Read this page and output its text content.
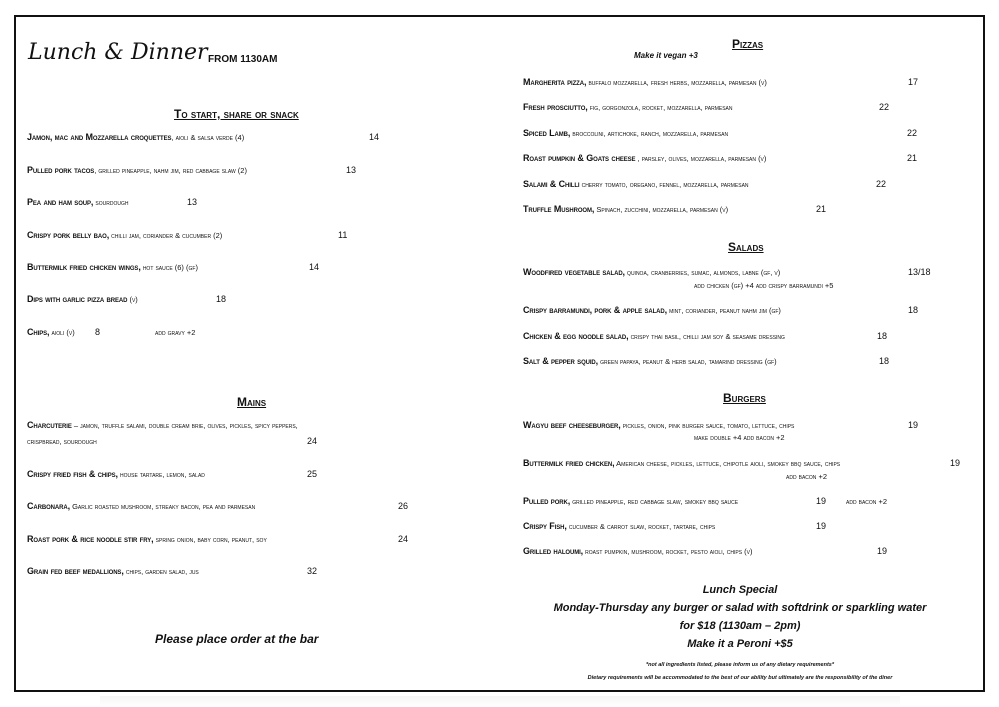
Lunch & Dinner FROM 1130AM
To start, share or snack
Jamon, mac and Mozzarella croquettes, aioli & salsa verde (4)	14
Pulled pork tacos, grilled pineapple, nahm jim, red cabbage slaw (2)	13
Pea and ham soup, sourdough	13
Crispy pork belly bao, chilli jam, coriander & cucumber (2)	11
Buttermilk fried chicken wings, hot sauce (6) (gf)	14
Dips with garlic pizza bread (v)	18
Chips, aioli (v) 8	add gravy +2
Mains
Charcuterie – jamon, truffle salami, double cream brie, olives, pickles, spicy peppers,
crispbread, sourdough	24
Crispy fried fish & chips, house tartare, lemon, salad	25
Carbonara, Garlic roasted mushroom, streaky bacon, pea and parmesan	26
Roast pork & rice noodle stir fry, spring onion, baby corn, peanut, soy	24
Grain fed beef medallions, chips, garden salad, jus	32
Please place order at the bar
Pizzas
Make it vegan +3
Margherita pizza, buffalo mozzarella, fresh herbs, mozzarella, parmesan (v)	17
Fresh prosciutto, fig, gorgonzola, rocket, mozzarella, parmesan	22
Spiced Lamb, broccolini, artichoke, ranch, mozzarella, parmesan	22
Roast pumpkin & Goats cheese , parsley, olives, mozzarella, parmesan (v)	21
Salami & Chilli cherry tomato, oregano, fennel, mozzarella, parmesan	22
Truffle Mushroom, Spinach, zucchini, mozzarella, parmesan (v)	21
Salads
Woodfired vegetable salad, quinoa, cranberries, sumac, almonds, labne (gf, v)	13/18
add chicken (gf) +4 add crispy barramundi +5
Crispy barramundi, pork & apple salad, mint, coriander, peanut nahm jim (gf)	18
Chicken & egg noodle salad, crispy thai basil, chilli jam soy & seasame dressing	18
Salt & pepper squid, green papaya, peanut & herb salad, tamarind dressing (gf)	18
Burgers
Wagyu beef cheeseburger, pickles, onion, pink burger sauce, tomato, lettuce, chips	19
make double +4 add bacon +2
Buttermilk fried chicken, American cheese, pickles, lettuce, chipotle aioli, smokey bbq sauce, chips	19
add bacon +2
Pulled pork, grilled pineapple, red cabbage slaw, smokey bbq sauce	19	add bacon +2
Crispy Fish, cucumber & carrot slaw, rocket, tartare, chips	19
Grilled haloumi, roast pumpkin, mushroom, rocket, pesto aioli, chips (v)	19
Lunch Special
Monday-Thursday any burger or salad with softdrink or sparkling water
for $18 (1130am – 2pm)
Make it a Peroni +$5
*not all ingredients listed, please inform us of any dietary requirements*
Dietary requirements will be accommodated to the best of our ability but ultimately are the responsibility of the diner
